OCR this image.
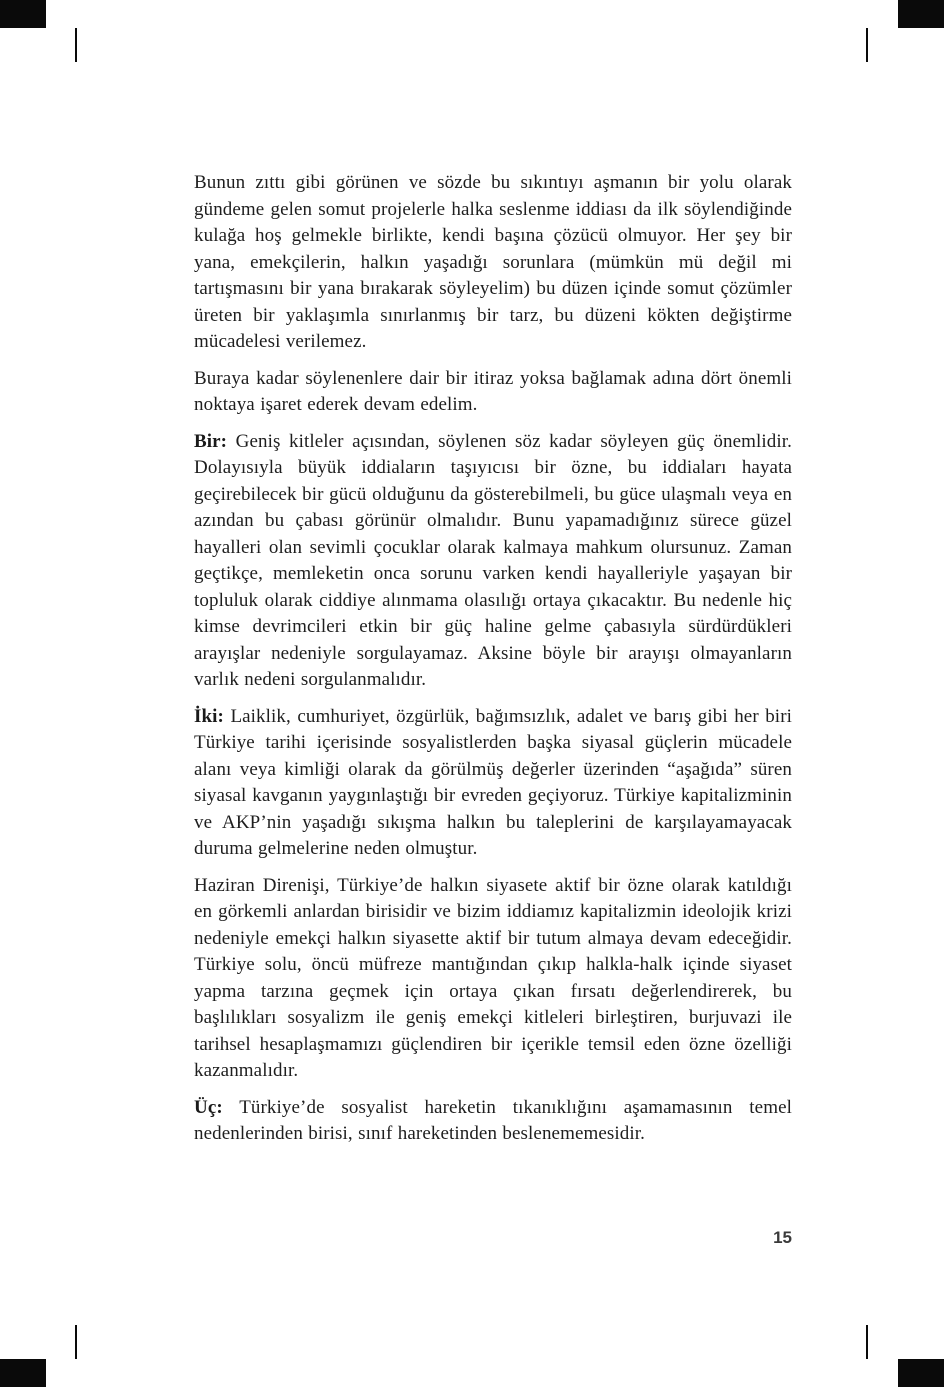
Bunun zıttı gibi görünen ve sözde bu sıkıntıyı aşmanın bir yolu olarak gündeme gelen somut projelerle halka seslenme iddiası da ilk söylendiğinde kulağa hoş gelmekle birlikte, kendi başına çözücü olmuyor. Her şey bir yana, emekçilerin, halkın yaşadığı sorunlara (mümkün mü değil mi tartışmasını bir yana bırakarak söyleyelim) bu düzen içinde somut çözümler üreten bir yaklaşımla sınırlanmış bir tarz, bu düzeni kökten değiştirme mücadelesi verilemez.

Buraya kadar söylenenlere dair bir itiraz yoksa bağlamak adına dört önemli noktaya işaret ederek devam edelim.

Bir: Geniş kitleler açısından, söylenen söz kadar söyleyen güç önemlidir. Dolayısıyla büyük iddiaların taşıyıcısı bir özne, bu iddiaları hayata geçirebilecek bir gücü olduğunu da gösterebilmeli, bu güce ulaşmalı veya en azından bu çabası görünür olmalıdır. Bunu yapamadığınız sürece güzel hayalleri olan sevimli çocuklar olarak kalmaya mahkum olursunuz. Zaman geçtikçe, memleketin onca sorunu varken kendi hayalleriyle yaşayan bir topluluk olarak ciddiye alınmama olasılığı ortaya çıkacaktır. Bu nedenle hiç kimse devrimcileri etkin bir güç haline gelme çabasıyla sürdürdükleri arayışlar nedeniyle sorgulayamaz. Aksine böyle bir arayışı olmayanların varlık nedeni sorgulanmalıdır.

İki: Laiklik, cumhuriyet, özgürlük, bağımsızlık, adalet ve barış gibi her biri Türkiye tarihi içerisinde sosyalistlerden başka siyasal güçlerin mücadele alanı veya kimliği olarak da görülmüş değerler üzerinden “aşağıda” süren siyasal kavganın yaygınlaştığı bir evreden geçiyoruz. Türkiye kapitalizminin ve AKP’nin yaşadığı sıkışma halkın bu taleplerini de karşılayamayacak duruma gelmelerine neden olmuştur.

Haziran Direnişi, Türkiye’de halkın siyasete aktif bir özne olarak katıldığı en görkemli anlardan birisidir ve bizim iddiamız kapitalizmin ideolojik krizi nedeniyle emekçi halkın siyasette aktif bir tutum almaya devam edeceğidir. Türkiye solu, öncü müfreze mantığından çıkıp halkla-halk içinde siyaset yapma tarzına geçmek için ortaya çıkan fırsatı değerlendirerek, bu başlılıkları sosyalizm ile geniş emekçi kitleleri birleştiren, burjuvazi ile tarihsel hesaplaşmamızı güçlendiren bir içerikle temsil eden özne özelliği kazanmalıdır.

Üç: Türkiye’de sosyalist hareketin tıkanıklığını aşamamasının temel nedenlerinden birisi, sınıf hareketinden beslenememesidir.

15
